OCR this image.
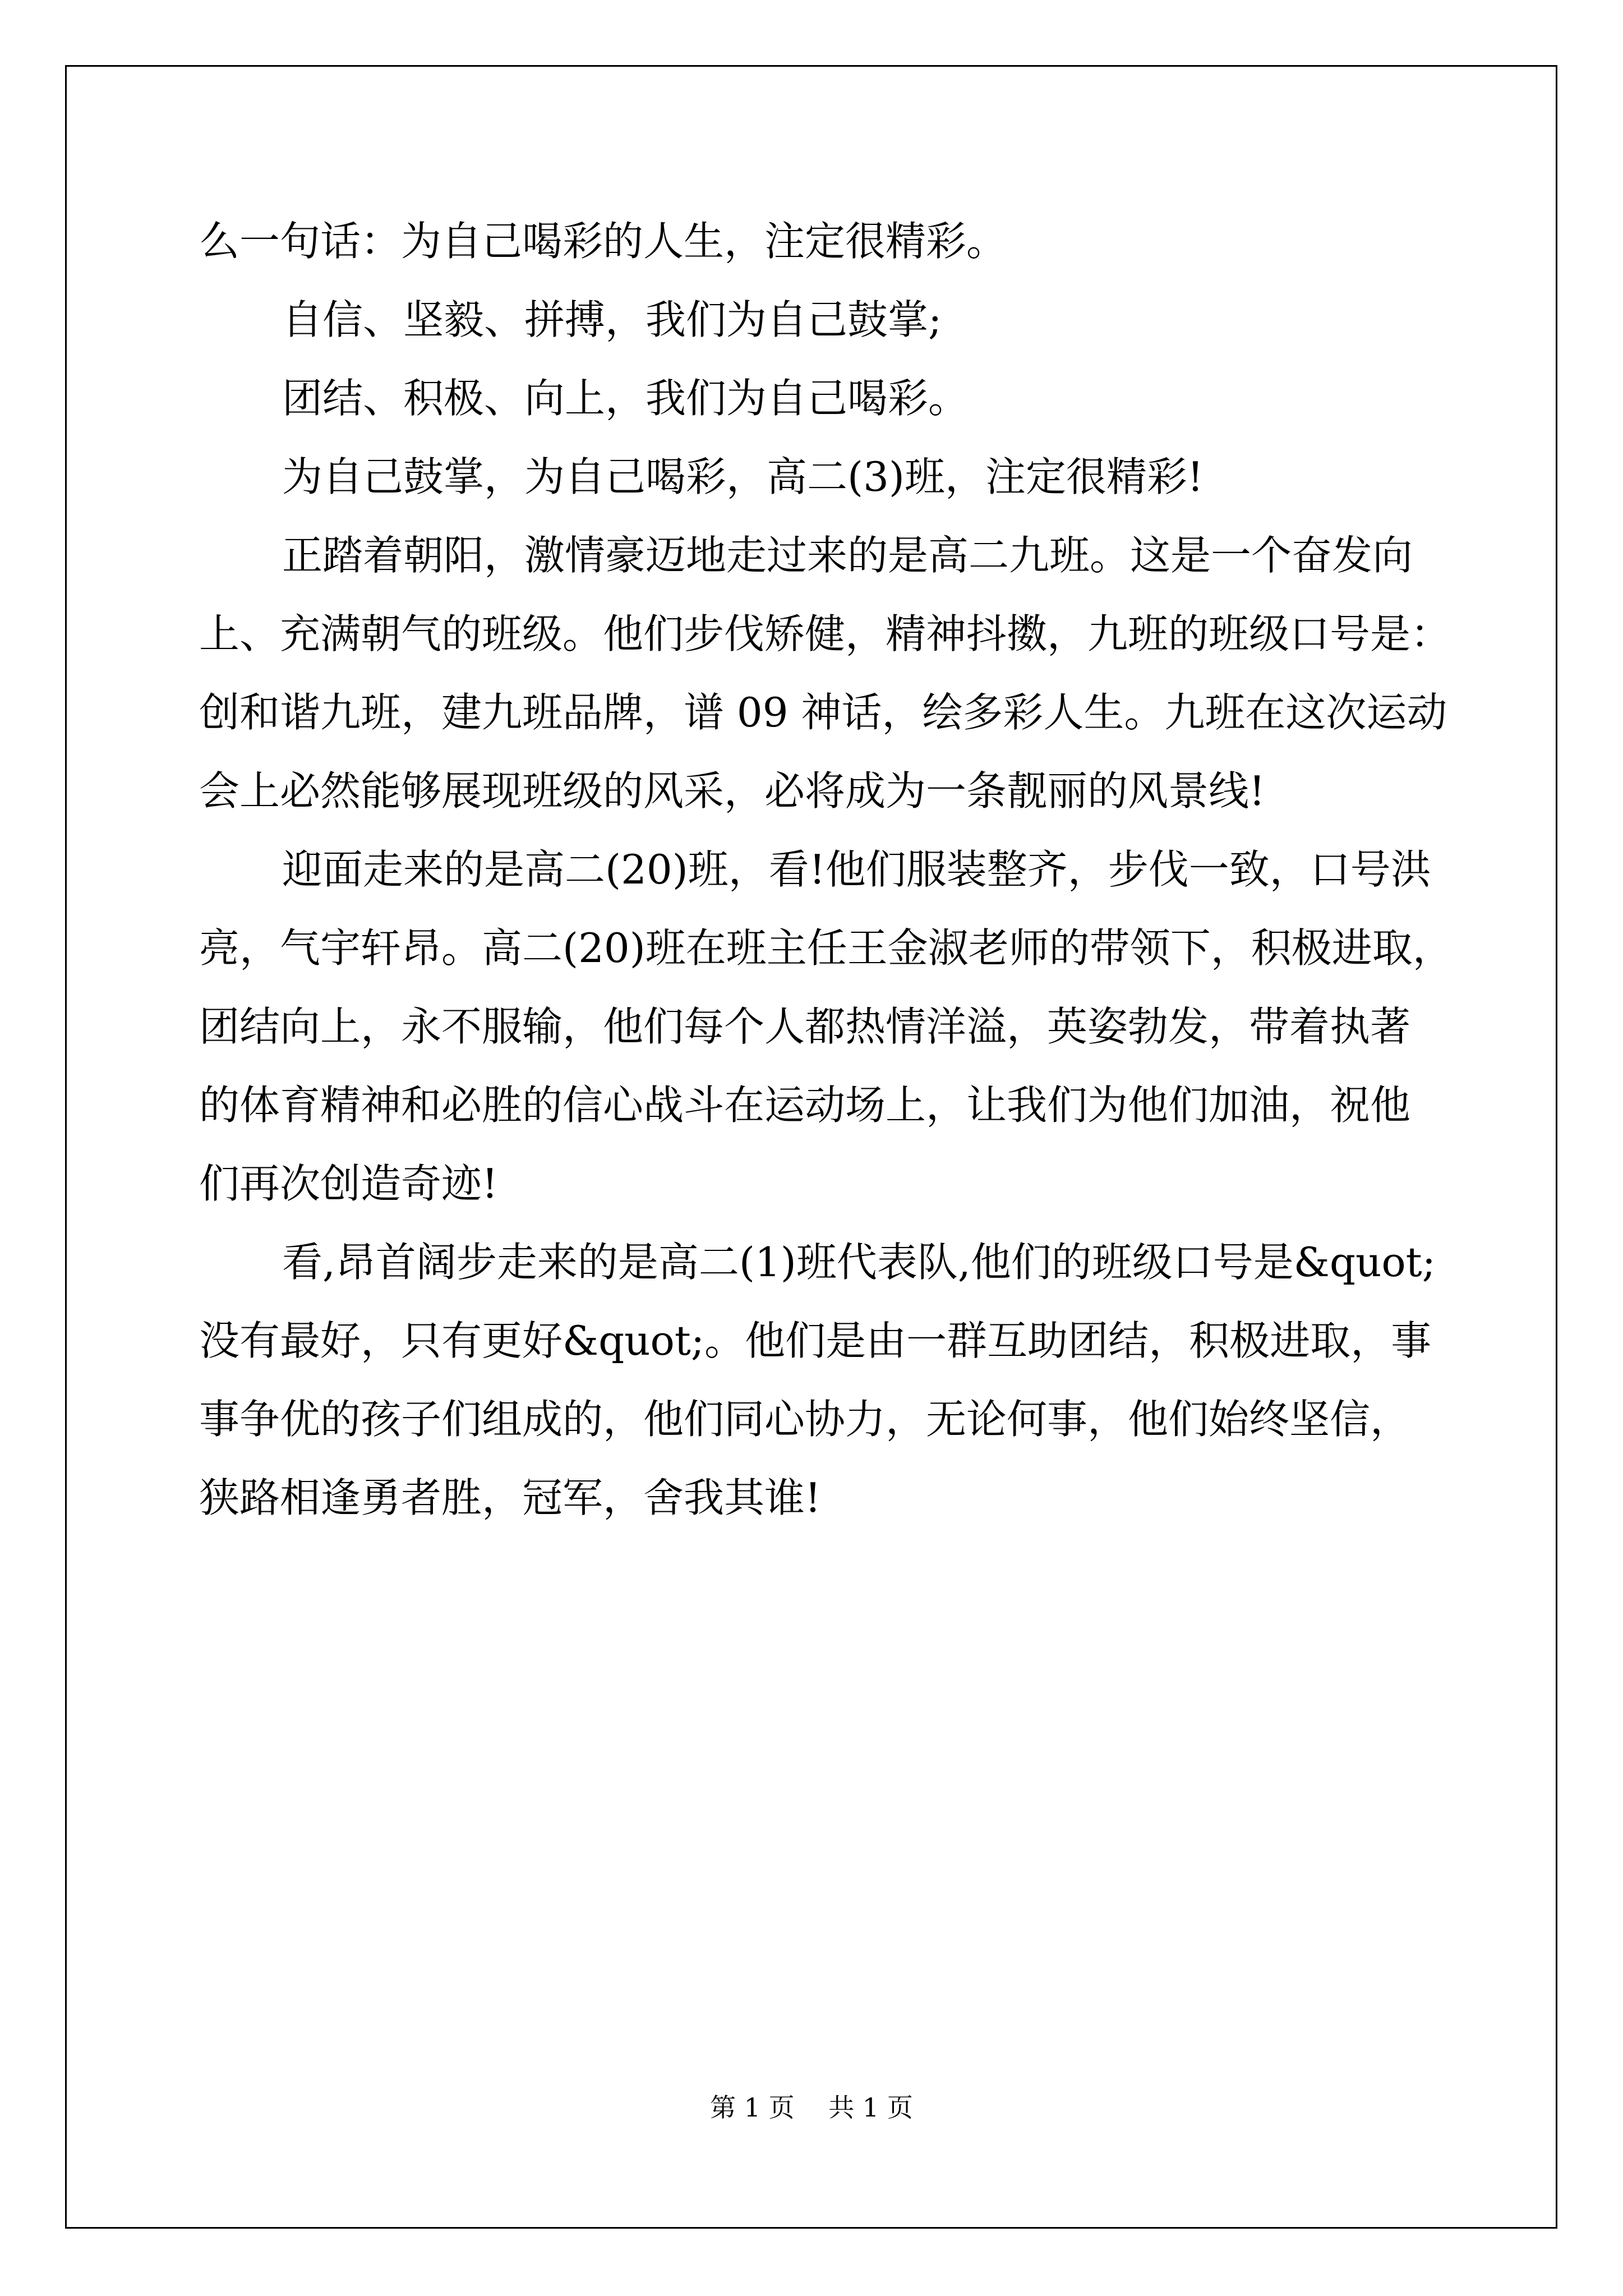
么一句话：为自己喝彩的人生，注定很精彩。
自信、坚毅、拼搏，我们为自己鼓掌;
团结、积极、向上，我们为自己喝彩。
为自己鼓掌，为自己喝彩，高二(3)班，注定很精彩!
正踏着朝阳，激情豪迈地走过来的是高二九班。这是一个奋发向
上、充满朝气的班级。他们步伐矫健，精神抖擞，九班的班级口号是：
创和谐九班，建九班品牌，谱 09 神话，绘多彩人生。九班在这次运动
会上必然能够展现班级的风采，必将成为一条靓丽的风景线!
迎面走来的是高二(20)班，看!他们服装整齐，步伐一致，口号洪
亮，气宇轩昂。高二(20)班在班主任王金淑老师的带领下，积极进取，
团结向上，永不服输，他们每个人都热情洋溢，英姿勃发，带着执著
的体育精神和必胜的信心战斗在运动场上，让我们为他们加油，祝他
们再次创造奇迹!
看,昂首阔步走来的是高二(1)班代表队,他们的班级口号是&quot;
没有最好，只有更好&quot;。他们是由一群互助团结，积极进取，事
事争优的孩子们组成的，他们同心协力，无论何事，他们始终坚信，
狭路相逢勇者胜，冠军，舍我其谁!
第 1 页　 共 1 页
